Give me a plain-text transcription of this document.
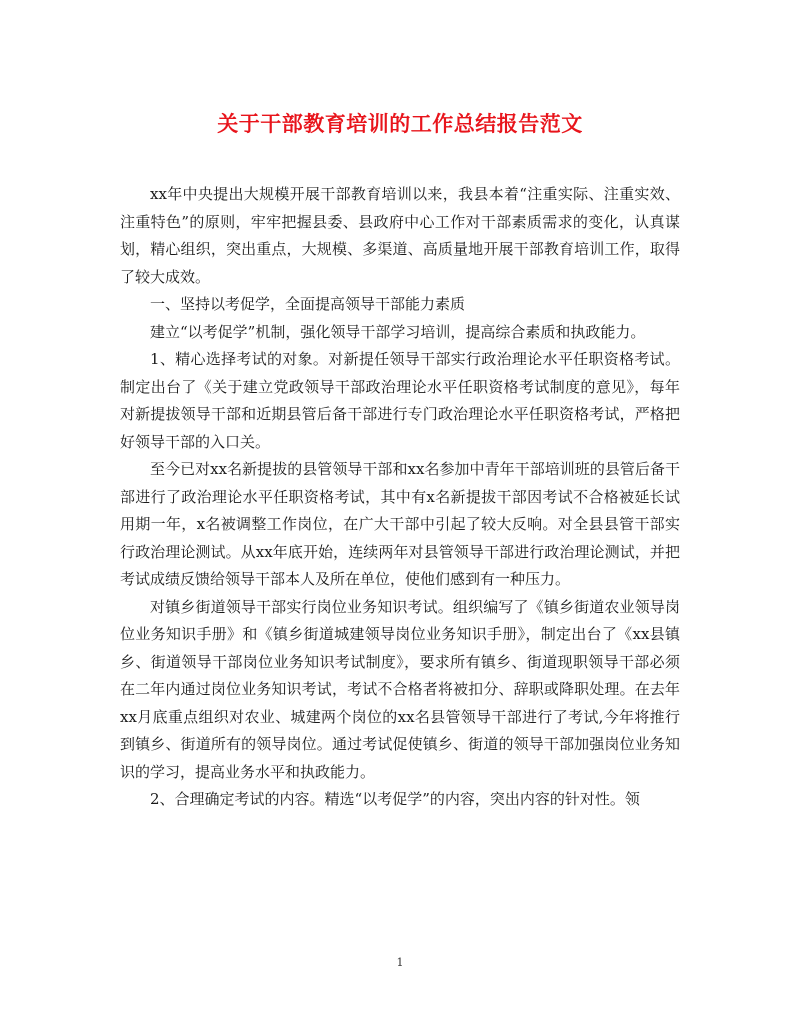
关于干部教育培训的工作总结报告范文

xx年中央提出大规模开展干部教育培训以来，我县本着“注重实际、注重实效、注重特色”的原则，牢牢把握县委、县政府中心工作对干部素质需求的变化，认真谋划，精心组织，突出重点，大规模、多渠道、高质量地开展干部教育培训工作，取得了较大成效。

一、坚持以考促学，全面提高领导干部能力素质

建立“以考促学”机制，强化领导干部学习培训，提高综合素质和执政能力。

1、精心选择考试的对象。对新提任领导干部实行政治理论水平任职资格考试。制定出台了《关于建立党政领导干部政治理论水平任职资格考试制度的意见》，每年对新提拔领导干部和近期县管后备干部进行专门政治理论水平任职资格考试，严格把好领导干部的入口关。

至今已对xx名新提拔的县管领导干部和xx名参加中青年干部培训班的县管后备干部进行了政治理论水平任职资格考试，其中有x名新提拔干部因考试不合格被延长试用期一年，x名被调整工作岗位，在广大干部中引起了较大反响。对全县县管干部实行政治理论测试。从xx年底开始，连续两年对县管领导干部进行政治理论测试，并把考试成绩反馈给领导干部本人及所在单位，使他们感到有一种压力。

对镇乡街道领导干部实行岗位业务知识考试。组织编写了《镇乡街道农业领导岗位业务知识手册》和《镇乡街道城建领导岗位业务知识手册》，制定出台了《xx县镇乡、街道领导干部岗位业务知识考试制度》，要求所有镇乡、街道现职领导干部必须在二年内通过岗位业务知识考试，考试不合格者将被扣分、辞职或降职处理。在去年xx月底重点组织对农业、城建两个岗位的xx名县管领导干部进行了考试,今年将推行到镇乡、街道所有的领导岗位。通过考试促使镇乡、街道的领导干部加强岗位业务知识的学习，提高业务水平和执政能力。

2、合理确定考试的内容。精选“以考促学”的内容，突出内容的针对性。领

1
